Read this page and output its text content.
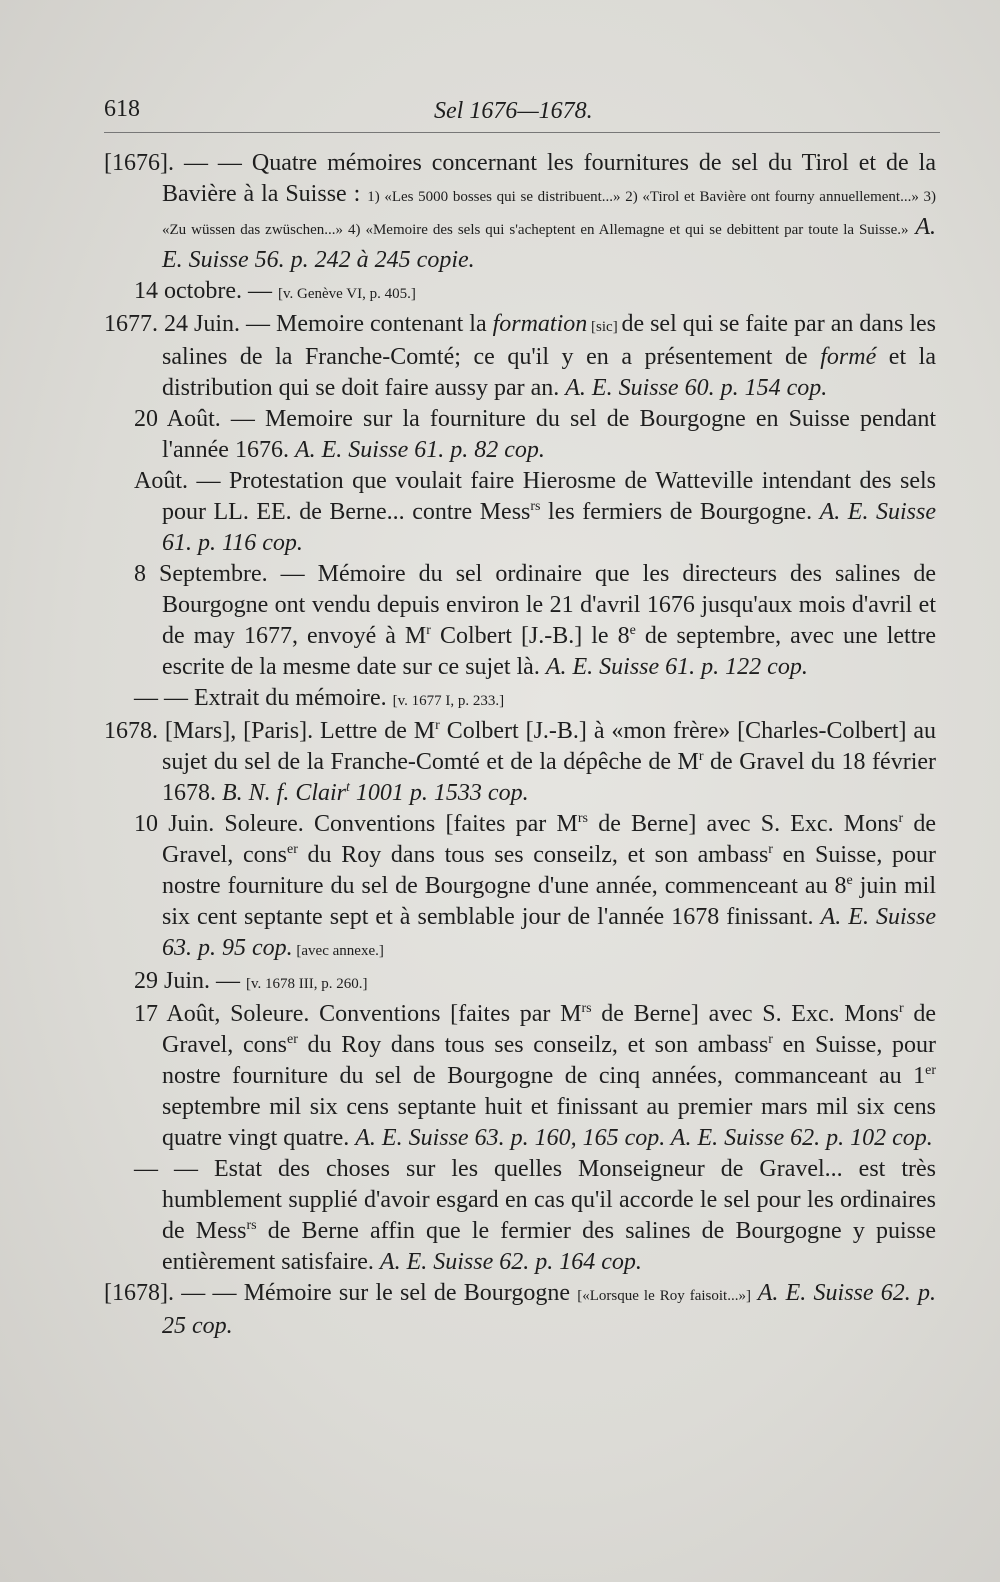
618	Sel 1676—1678.

[1676]. — — Quatre mémoires concernant les fournitures de sel du Tirol et de la Bavière à la Suisse : 1) «Les 5000 bosses qui se distribuent...» 2) «Tirol et Bavière ont fourny annuellement...» 3) «Zu wüssen das zwüschen...» 4) «Memoire des sels qui s'acheptent en Allemagne et qui se debittent par toute la Suisse.» A. E. Suisse 56. p. 242 à 245 copie.

14 octobre. — [v. Genève VI, p. 405.]

1677. 24 Juin. — Memoire contenant la formation [sic] de sel qui se faite par an dans les salines de la Franche-Comté; ce qu'il y en a présentement de formé et la distribution qui se doit faire aussy par an. A. E. Suisse 60. p. 154 cop.

20 Août. — Memoire sur la fourniture du sel de Bourgogne en Suisse pendant l'année 1676. A. E. Suisse 61. p. 82 cop.

Août. — Protestation que voulait faire Hierosme de Watteville intendant des sels pour LL. EE. de Berne... contre Mess$^{rs}$ les fermiers de Bourgogne. A. E. Suisse 61. p. 116 cop.

8 Septembre. — Mémoire du sel ordinaire que les directeurs des salines de Bourgogne ont vendu depuis environ le 21 d'avril 1676 jusqu'aux mois d'avril et de may 1677, envoyé à $M^r$ Colbert [J.-B.] le 8e de septembre, avec une lettre escrite de la mesme date sur ce sujet là. A. E. Suisse 61. p. 122 cop.

— — Extrait du mémoire. [v. 1677 I, p. 233.]

1678. [Mars], [Paris]. Lettre de $M^r$ Colbert [J.-B.] à «mon frère» [Charles-Colbert] au sujet du sel de la Franche-Comté et de la dépêche de $M^r$ de Gravel du 18 février 1678. B. N. f. Clair$^t$ 1001 p. 1533 cop.

10 Juin. Soleure. Conventions [faites par $M^{rs}$ de Berne] avec S. Exc. Mons$^r$ de Gravel, cons$^{er}$ du Roy dans tous ses conseilz, et son ambass$^r$ en Suisse, pour nostre fourniture du sel de Bourgogne d'une année, commenceant au 8e juin mil six cent septante sept et à semblable jour de l'année 1678 finissant. A. E. Suisse 63. p. 95 cop. [avec annexe.]

29 Juin. — [v. 1678 III, p. 260.]

17 Août, Soleure. Conventions [faites par $M^{rs}$ de Berne] avec S. Exc. Mons$^r$ de Gravel, cons$^{er}$ du Roy dans tous ses conseilz, et son ambass$^r$ en Suisse, pour nostre fourniture du sel de Bourgogne de cinq années, commanceant au 1er septembre mil six cens septante huit et finissant au premier mars mil six cens quatre vingt quatre. A. E. Suisse 63. p. 160, 165 cop. A. E. Suisse 62. p. 102 cop.

— — Estat des choses sur les quelles Monseigneur de Gravel... est très humblement supplié d'avoir esgard en cas qu'il accorde le sel pour les ordinaires de Mess$^{rs}$ de Berne affin que le fermier des salines de Bourgogne y puisse entièrement satisfaire. A. E. Suisse 62. p. 164 cop.

[1678]. — — Mémoire sur le sel de Bourgogne [«Lorsque le Roy faisoit...»] A. E. Suisse 62. p. 25 cop.
